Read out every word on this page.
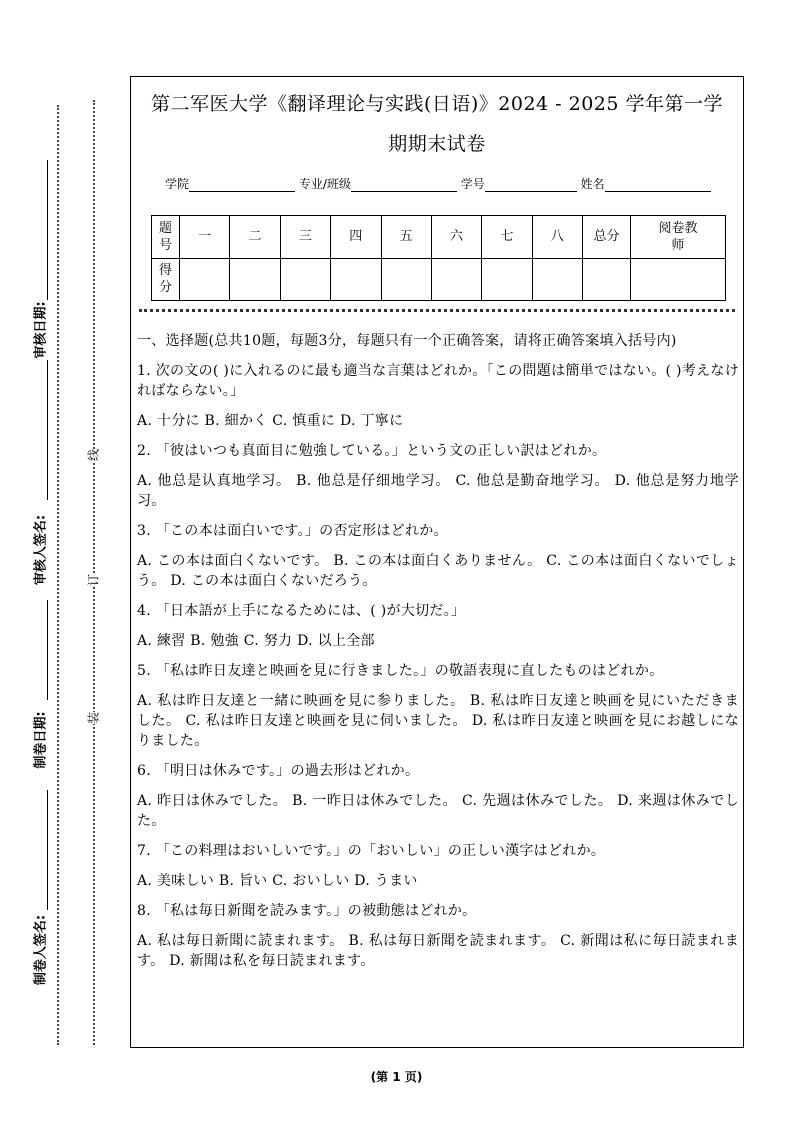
审核日期:
审核人签名:
制卷日期:
制卷人签名:
线
订
装
第二军医大学《翻译理论与实践(日语)》2024 - 2025 学年第一学
期期末试卷
学院	专业/班级	学号	姓名
题号	一	二	三	四	五	六	七	八	总分	阅卷教师
得分										

一、选择题(总共10题，每题3分，每题只有一个正确答案，请将正确答案填入括号内)

1. 次の文の( )に入れるのに最も適当な言葉はどれか。「この問題は簡単ではない。( )考えなければならない。」

A. 十分に B. 細かく C. 慎重に D. 丁寧に

2. 「彼はいつも真面目に勉強している。」という文の正しい訳はどれか。

A. 他总是认真地学习。 B. 他总是仔细地学习。 C. 他总是勤奋地学习。 D. 他总是努力地学习。

3. 「この本は面白いです。」の否定形はどれか。

A. この本は面白くないです。 B. この本は面白くありません。 C. この本は面白くないでしょう。 D. この本は面白くないだろう。

4. 「日本語が上手になるためには、( )が大切だ。」

A. 練習 B. 勉強 C. 努力 D. 以上全部

5. 「私は昨日友達と映画を見に行きました。」の敬語表現に直したものはどれか。

A. 私は昨日友達と一緒に映画を見に参りました。 B. 私は昨日友達と映画を見にいただきました。 C. 私は昨日友達と映画を見に伺いました。 D. 私は昨日友達と映画を見にお越しになりました。

6. 「明日は休みです。」の過去形はどれか。

A. 昨日は休みでした。 B. 一昨日は休みでした。 C. 先週は休みでした。 D. 来週は休みでした。

7. 「この料理はおいしいです。」の「おいしい」の正しい漢字はどれか。

A. 美味しい B. 旨い C. おいしい D. うまい

8. 「私は毎日新聞を読みます。」の被動態はどれか。

A. 私は毎日新聞に読まれます。 B. 私は毎日新聞を読まれます。 C. 新聞は私に毎日読まれます。 D. 新聞は私を毎日読まれます。

(第 1 页)
